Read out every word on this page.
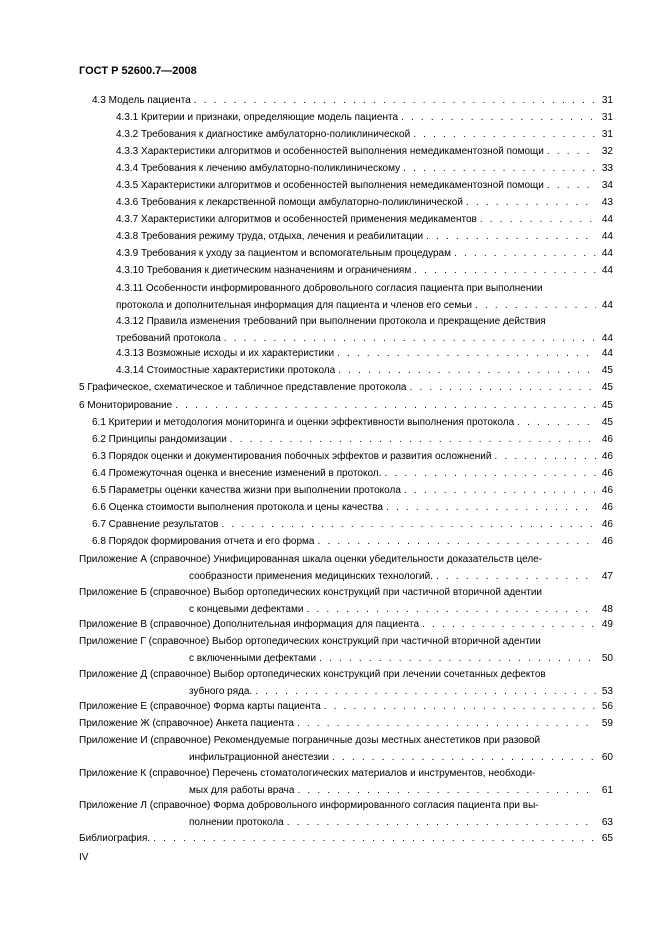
ГОСТ Р 52600.7—2008
4.3 Модель пациента . . .	31
4.3.1 Критерии и признаки, определяющие модель пациента . . .	31
4.3.2 Требования к диагностике амбулаторно-поликлинической . . .	31
4.3.3 Характеристики алгоритмов и особенностей выполнения немедикаментозной помощи . . .	32
4.3.4 Требования к лечению амбулаторно-поликлиническому . . .	33
4.3.5 Характеристики алгоритмов и особенностей выполнения немедикаментозной помощи . . .	34
4.3.6 Требования к лекарственной помощи амбулаторно-поликлинической . . .	43
4.3.7 Характеристики алгоритмов и особенностей применения медикаментов . . .	44
4.3.8 Требования режиму труда, отдыха, лечения и реабилитации . . .	44
4.3.9 Требования к уходу за пациентом и вспомогательным процедурам . . .	44
4.3.10 Требования к диетическим назначениям и ограничениям . . .	44
4.3.11 Особенности информированного добровольного согласия пациента при выполнении
протокола и дополнительная информация для пациента и членов его семьи . . .	44
4.3.12 Правила изменения требований при выполнении протокола и прекращение действия
требований протокола . . .	44
4.3.13 Возможные исходы и их характеристики . . .	44
4.3.14 Стоимостные характеристики протокола . . .	45
5 Графическое, схематическое и табличное представление протокола . . .	45
6 Мониторирование . . .	45
6.1 Критерии и методология мониторинга и оценки эффективности выполнения протокола . . .	45
6.2 Принципы рандомизации . . .	46
6.3 Порядок оценки и документирования побочных эффектов и развития осложнений . . .	46
6.4 Промежуточная оценка и внесение изменений в протокол. . . .	46
6.5 Параметры оценки качества жизни при выполнении протокола . . .	46
6.6 Оценка стоимости выполнения протокола и цены качества . . .	46
6.7 Сравнение результатов . . .	46
6.8 Порядок формирования отчета и его форма . . .	46
Приложение А (справочное) Унифицированная шкала оценки убедительности доказательств целе-
сообразности применения медицинских технологий. . . .	47
Приложение Б (справочное) Выбор ортопедических конструкций при частичной вторичной адентии
с концевыми дефектами . . .	48
Приложение В (справочное) Дополнительная информация для пациента . . .	49
Приложение Г (справочное) Выбор ортопедических конструкций при частичной вторичной адентии
с включенными дефектами . . .	50
Приложение Д (справочное) Выбор ортопедических конструкций при лечении сочетанных дефектов
зубного ряда. . . .	53
Приложение Е (справочное) Форма карты пациента . . .	56
Приложение Ж (справочное) Анкета пациента . . .	59
Приложение И (справочное) Рекомендуемые пограничные дозы местных анестетиков при разовой
инфильтрационной анестезии . . .	60
Приложение К (справочное) Перечень стоматологических материалов и инструментов, необходи-
мых для работы врача . . .	61
Приложение Л (справочное) Форма добровольного информированного согласия пациента при вы-
полнении протокола . . .	63
Библиография. . . .	65
IV
